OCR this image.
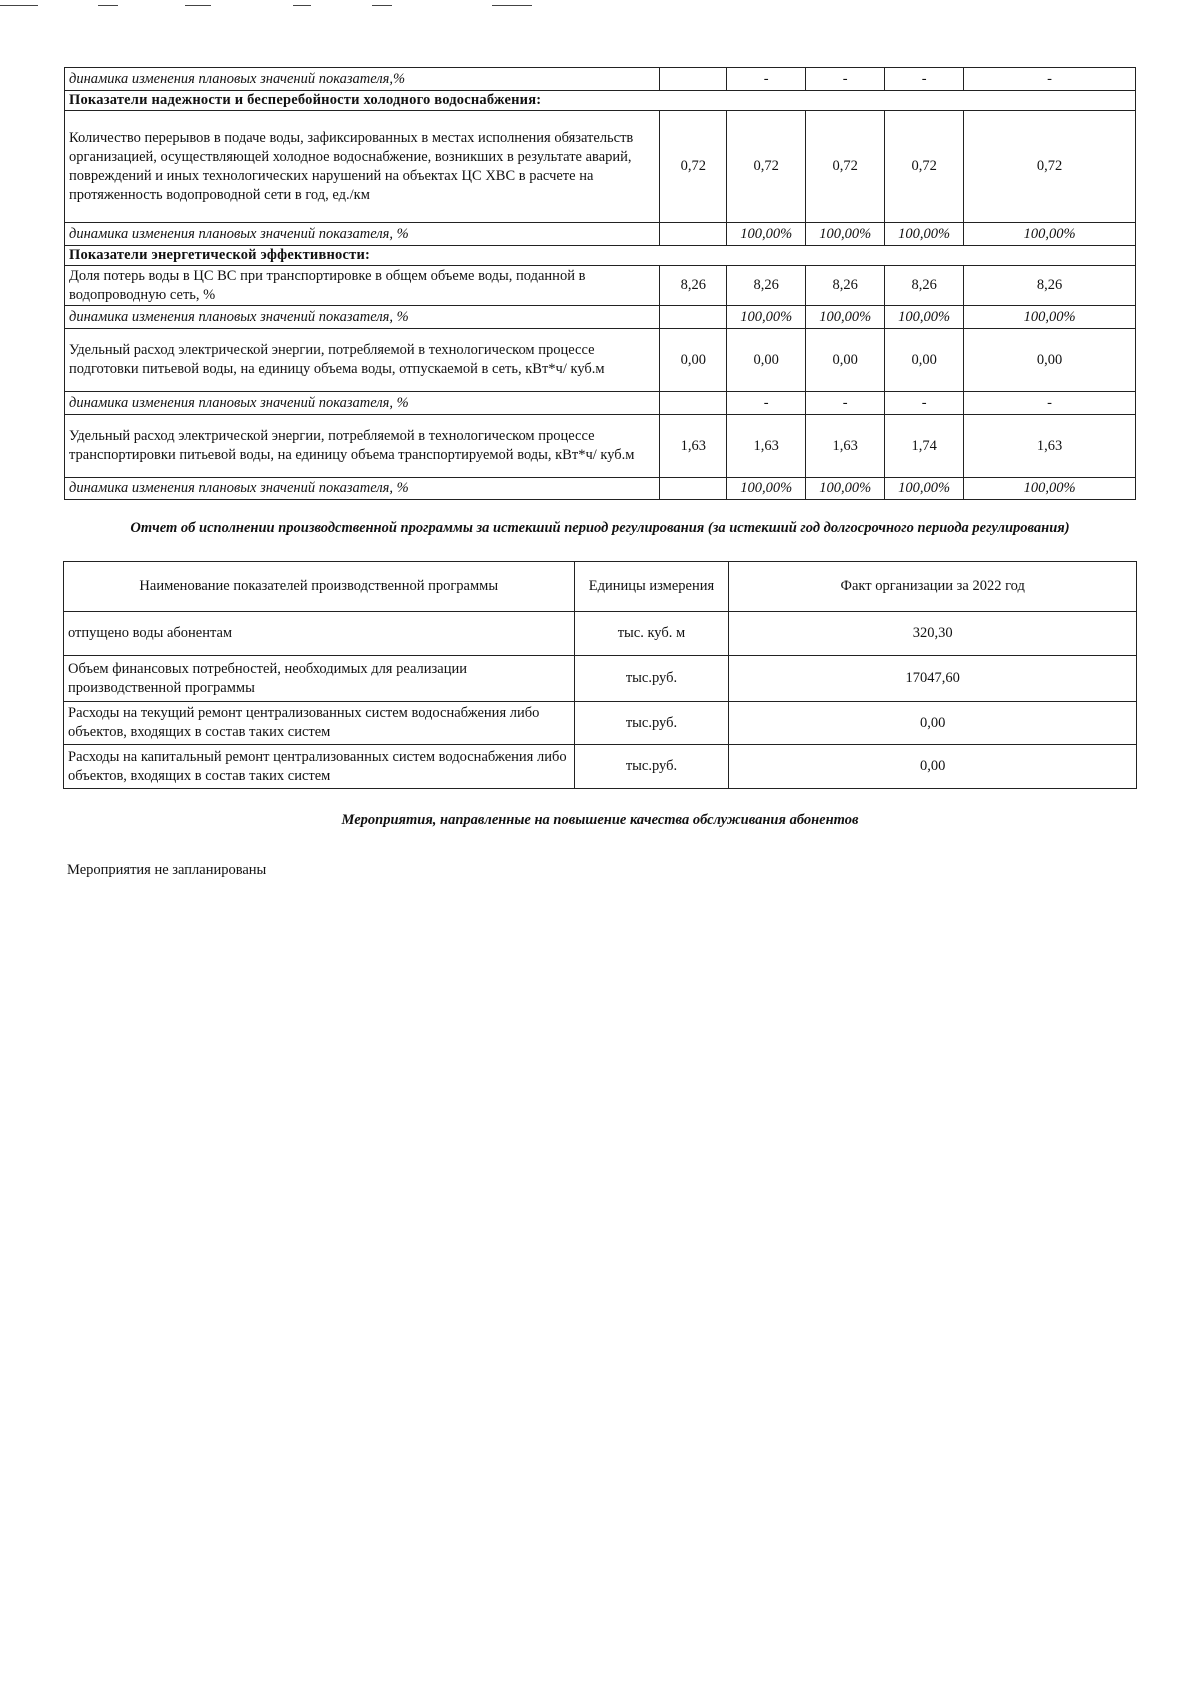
динамика изменения плановых значений показателя,%		-	-	-	-
Показатели надежности и бесперебойности холодного водоснабжения:					
Количество перерывов в подаче воды, зафиксированных в местах исполнения обязательств организацией, осуществляющей холодное водоснабжение, возникших в результате аварий, повреждений и иных технологических нарушений на объектах ЦС ХВС в расчете на протяженность водопроводной сети в год, ед./км	0,72	0,72	0,72	0,72	0,72
динамика изменения плановых значений показателя, %		100,00%	100,00%	100,00%	100,00%
Показатели энергетической эффективности:					
Доля потерь воды в ЦС ВС при транспортировке в общем объеме воды, поданной в водопроводную сеть, %	8,26	8,26	8,26	8,26	8,26
динамика изменения плановых значений показателя, %		100,00%	100,00%	100,00%	100,00%
Удельный расход электрической энергии, потребляемой в технологическом процессе подготовки питьевой воды, на единицу объема воды, отпускаемой в сеть, кВт*ч/ куб.м	0,00	0,00	0,00	0,00	0,00
динамика изменения плановых значений показателя, %		-	-	-	-
Удельный расход электрической энергии, потребляемой в технологическом процессе транспортировки питьевой воды, на единицу объема транспортируемой воды, кВт*ч/ куб.м	1,63	1,63	1,63	1,74	1,63
динамика изменения плановых значений показателя, %		100,00%	100,00%	100,00%	100,00%
Отчет об исполнении производственной программы за истекший период регулирования (за истекший год долгосрочного периода регулирования)
Наименование показателей производственной программы	Единицы измерения	Факт организации за 2022 год
отпущено воды абонентам	тыс. куб. м	320,30
Объем финансовых потребностей, необходимых для реализации производственной программы	тыс.руб.	17047,60
Расходы на текущий ремонт централизованных систем водоснабжения либо объектов, входящих в состав таких систем	тыс.руб.	0,00
Расходы на капитальный ремонт централизованных систем водоснабжения либо объектов, входящих в состав таких систем	тыс.руб.	0,00
Мероприятия, направленные на повышение качества обслуживания абонентов
Мероприятия не запланированы
